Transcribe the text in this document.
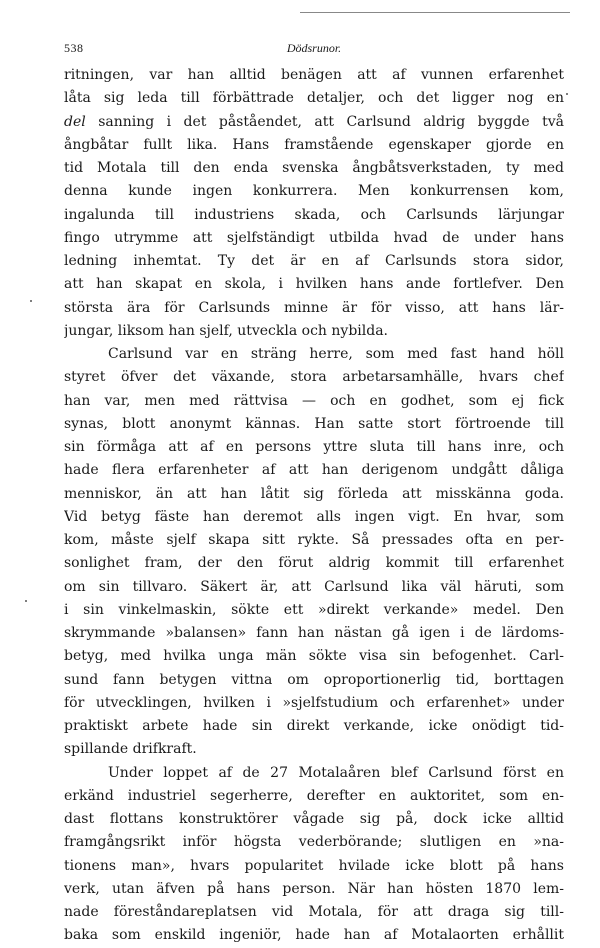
538	Dödsrunor.
ritningen, var han alltid benägen att af vunnen erfarenhet
låta sig leda till förbättrade detaljer, och det ligger nog en
del sanning i det påståendet, att Carlsund aldrig byggde två
ångbåtar fullt lika. Hans framstående egenskaper gjorde en
tid Motala till den enda svenska ångbåtsverkstaden, ty med
denna kunde ingen konkurrera. Men konkurrensen kom,
ingalunda till industriens skada, och Carlsunds lärjungar
fingo utrymme att sjelfständigt utbilda hvad de under hans
ledning inhemtat. Ty det är en af Carlsunds stora sidor,
att han skapat en skola, i hvilken hans ande fortlefver. Den
största ära för Carlsunds minne är för visso, att hans lär-
jungar, liksom han sjelf, utveckla och nybilda.
Carlsund var en sträng herre, som med fast hand höll
styret öfver det växande, stora arbetarsamhälle, hvars chef
han var, men med rättvisa — och en godhet, som ej fick
synas, blott anonymt kännas. Han satte stort förtroende till
sin förmåga att af en persons yttre sluta till hans inre, och
hade flera erfarenheter af att han derigenom undgått dåliga
menniskor, än att han låtit sig förleda att misskänna goda.
Vid betyg fäste han deremot alls ingen vigt. En hvar, som
kom, måste sjelf skapa sitt rykte. Så pressades ofta en per-
sonlighet fram, der den förut aldrig kommit till erfarenhet
om sin tillvaro. Säkert är, att Carlsund lika väl häruti, som
i sin vinkelmaskin, sökte ett »direkt verkande» medel. Den
skrymmande »balansen» fann han nästan gå igen i de lärdoms-
betyg, med hvilka unga män sökte visa sin befogenhet. Carl-
sund fann betygen vittna om oproportionerlig tid, borttagen
för utvecklingen, hvilken i »sjelfstudium och erfarenhet» under
praktiskt arbete hade sin direkt verkande, icke onödigt tid-
spillande drifkraft.
Under loppet af de 27 Motalaåren blef Carlsund först en
erkänd industriel segerherre, derefter en auktoritet, som en-
dast flottans konstruktörer vågade sig på, dock icke alltid
framgångsrikt inför högsta vederbörande; slutligen en »na-
tionens man», hvars popularitet hvilade icke blott på hans
verk, utan äfven på hans person. När han hösten 1870 lem-
nade föreståndareplatsen vid Motala, för att draga sig till-
baka som enskild ingeniör, hade han af Motalaorten erhållit
